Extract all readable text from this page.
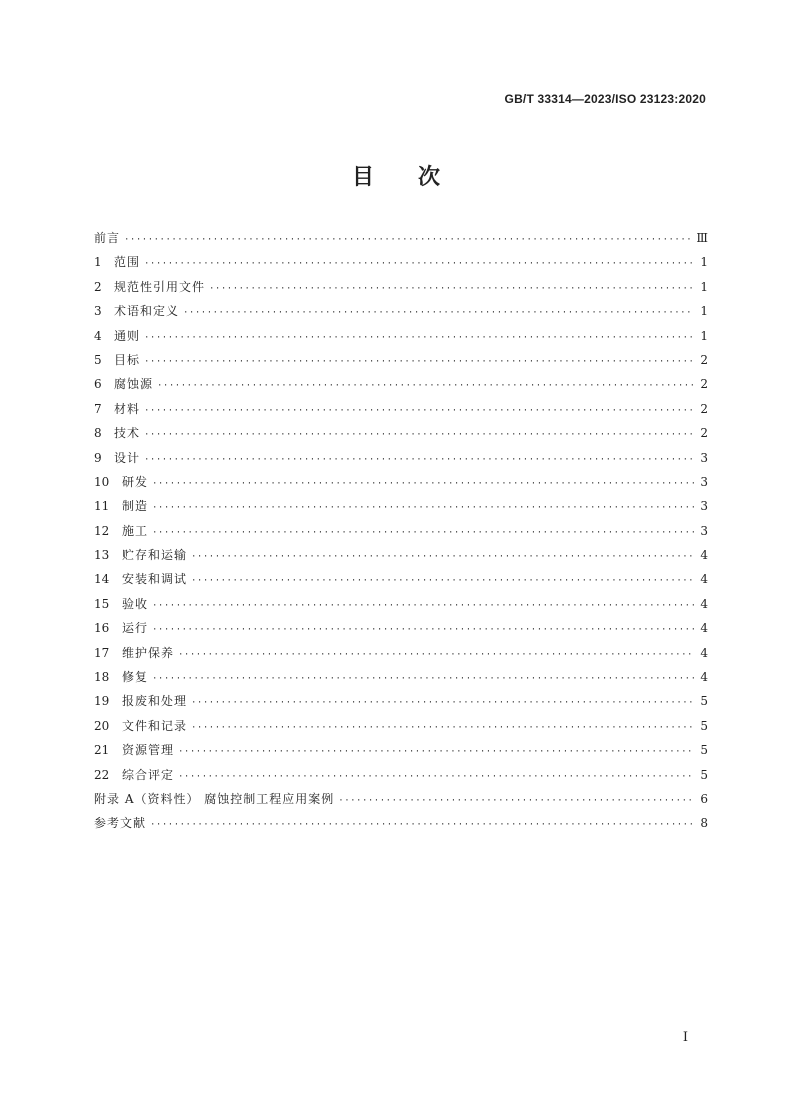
GB/T 33314—2023/ISO 23123:2020
目 次
前言 ·····	Ⅲ
1	范围 ·····	1
2	规范性引用文件 ·····	1
3	术语和定义 ·····	1
4	通则 ·····	1
5	目标 ·····	2
6	腐蚀源 ·····	2
7	材料 ·····	2
8	技术 ·····	2
9	设计 ·····	3
10	研发 ·····	3
11	制造 ·····	3
12	施工 ·····	3
13	贮存和运输 ·····	4
14	安装和调试 ·····	4
15	验收 ·····	4
16	运行 ·····	4
17	维护保养 ·····	4
18	修复 ·····	4
19	报废和处理 ·····	5
20	文件和记录 ·····	5
21	资源管理 ·····	5
22	综合评定 ·····	5
附录 A（资料性） 腐蚀控制工程应用案例 ·····	6
参考文献 ·····	8
I
